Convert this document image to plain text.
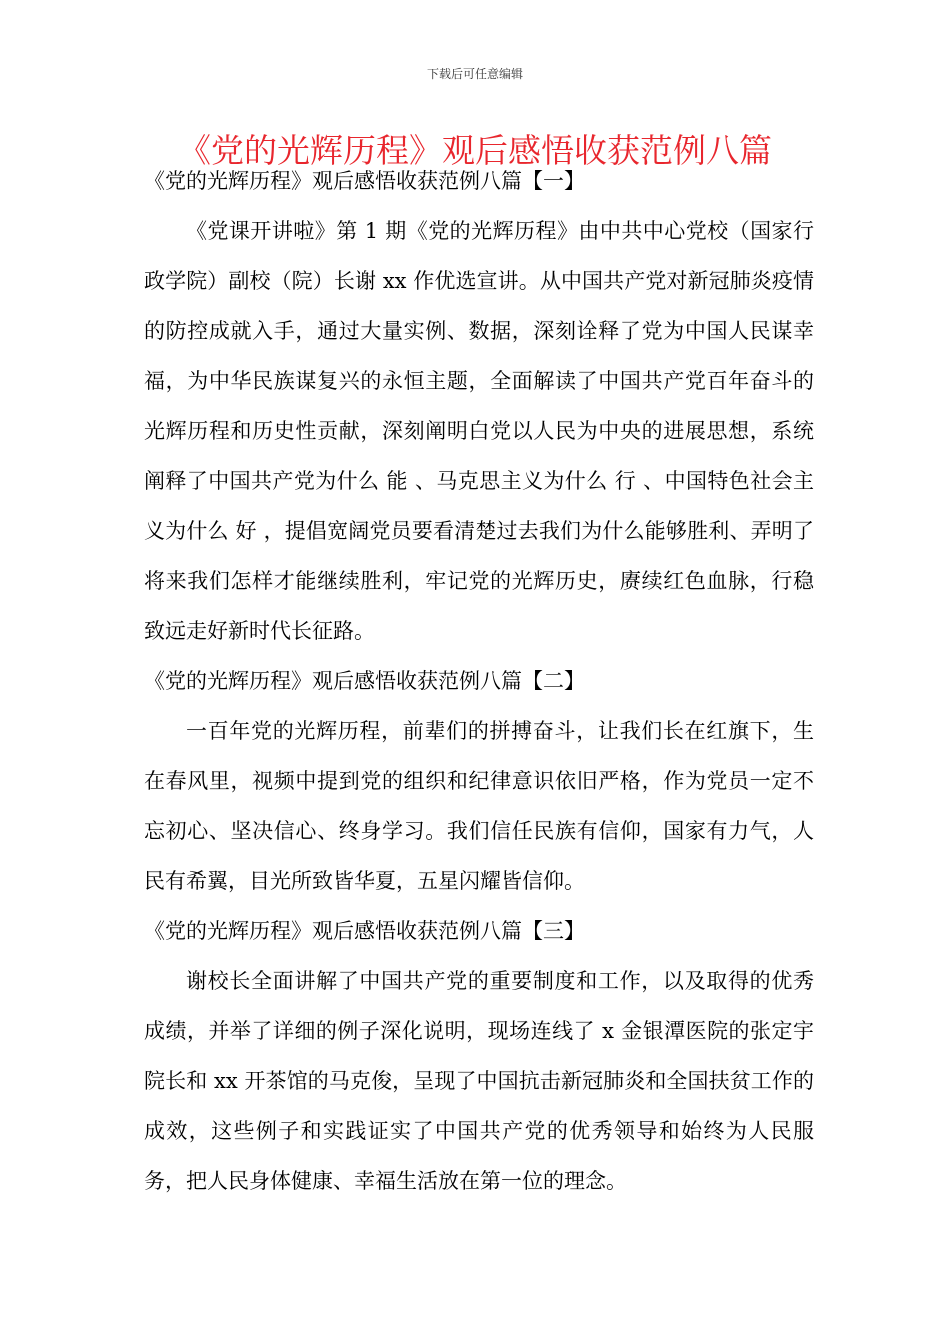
下载后可任意编辑
《党的光辉历程》观后感悟收获范例八篇

《党的光辉历程》观后感悟收获范例八篇【一】

《党课开讲啦》第 1 期《党的光辉历程》由中共中心党校（国家行政学院）副校（院）长谢 xx 作优选宣讲。从中国共产党对新冠肺炎疫情的防控成就入手，通过大量实例、数据，深刻诠释了党为中国人民谋幸福，为中华民族谋复兴的永恒主题，全面解读了中国共产党百年奋斗的光辉历程和历史性贡献，深刻阐明白党以人民为中央的进展思想，系统阐释了中国共产党为什么 能 、马克思主义为什么 行 、中国特色社会主义为什么 好 ，提倡宽阔党员要看清楚过去我们为什么能够胜利、弄明了将来我们怎样才能继续胜利，牢记党的光辉历史，赓续红色血脉，行稳致远走好新时代长征路。

《党的光辉历程》观后感悟收获范例八篇【二】

一百年党的光辉历程，前辈们的拼搏奋斗，让我们长在红旗下，生在春风里，视频中提到党的组织和纪律意识依旧严格，作为党员一定不忘初心、坚决信心、终身学习。我们信任民族有信仰，国家有力气，人民有希翼，目光所致皆华夏，五星闪耀皆信仰。

《党的光辉历程》观后感悟收获范例八篇【三】

谢校长全面讲解了中国共产党的重要制度和工作，以及取得的优秀成绩，并举了详细的例子深化说明，现场连线了 x 金银潭医院的张定宇院长和 xx 开茶馆的马克俊，呈现了中国抗击新冠肺炎和全国扶贫工作的成效，这些例子和实践证实了中国共产党的优秀领导和始终为人民服务，把人民身体健康、幸福生活放在第一位的理念。
